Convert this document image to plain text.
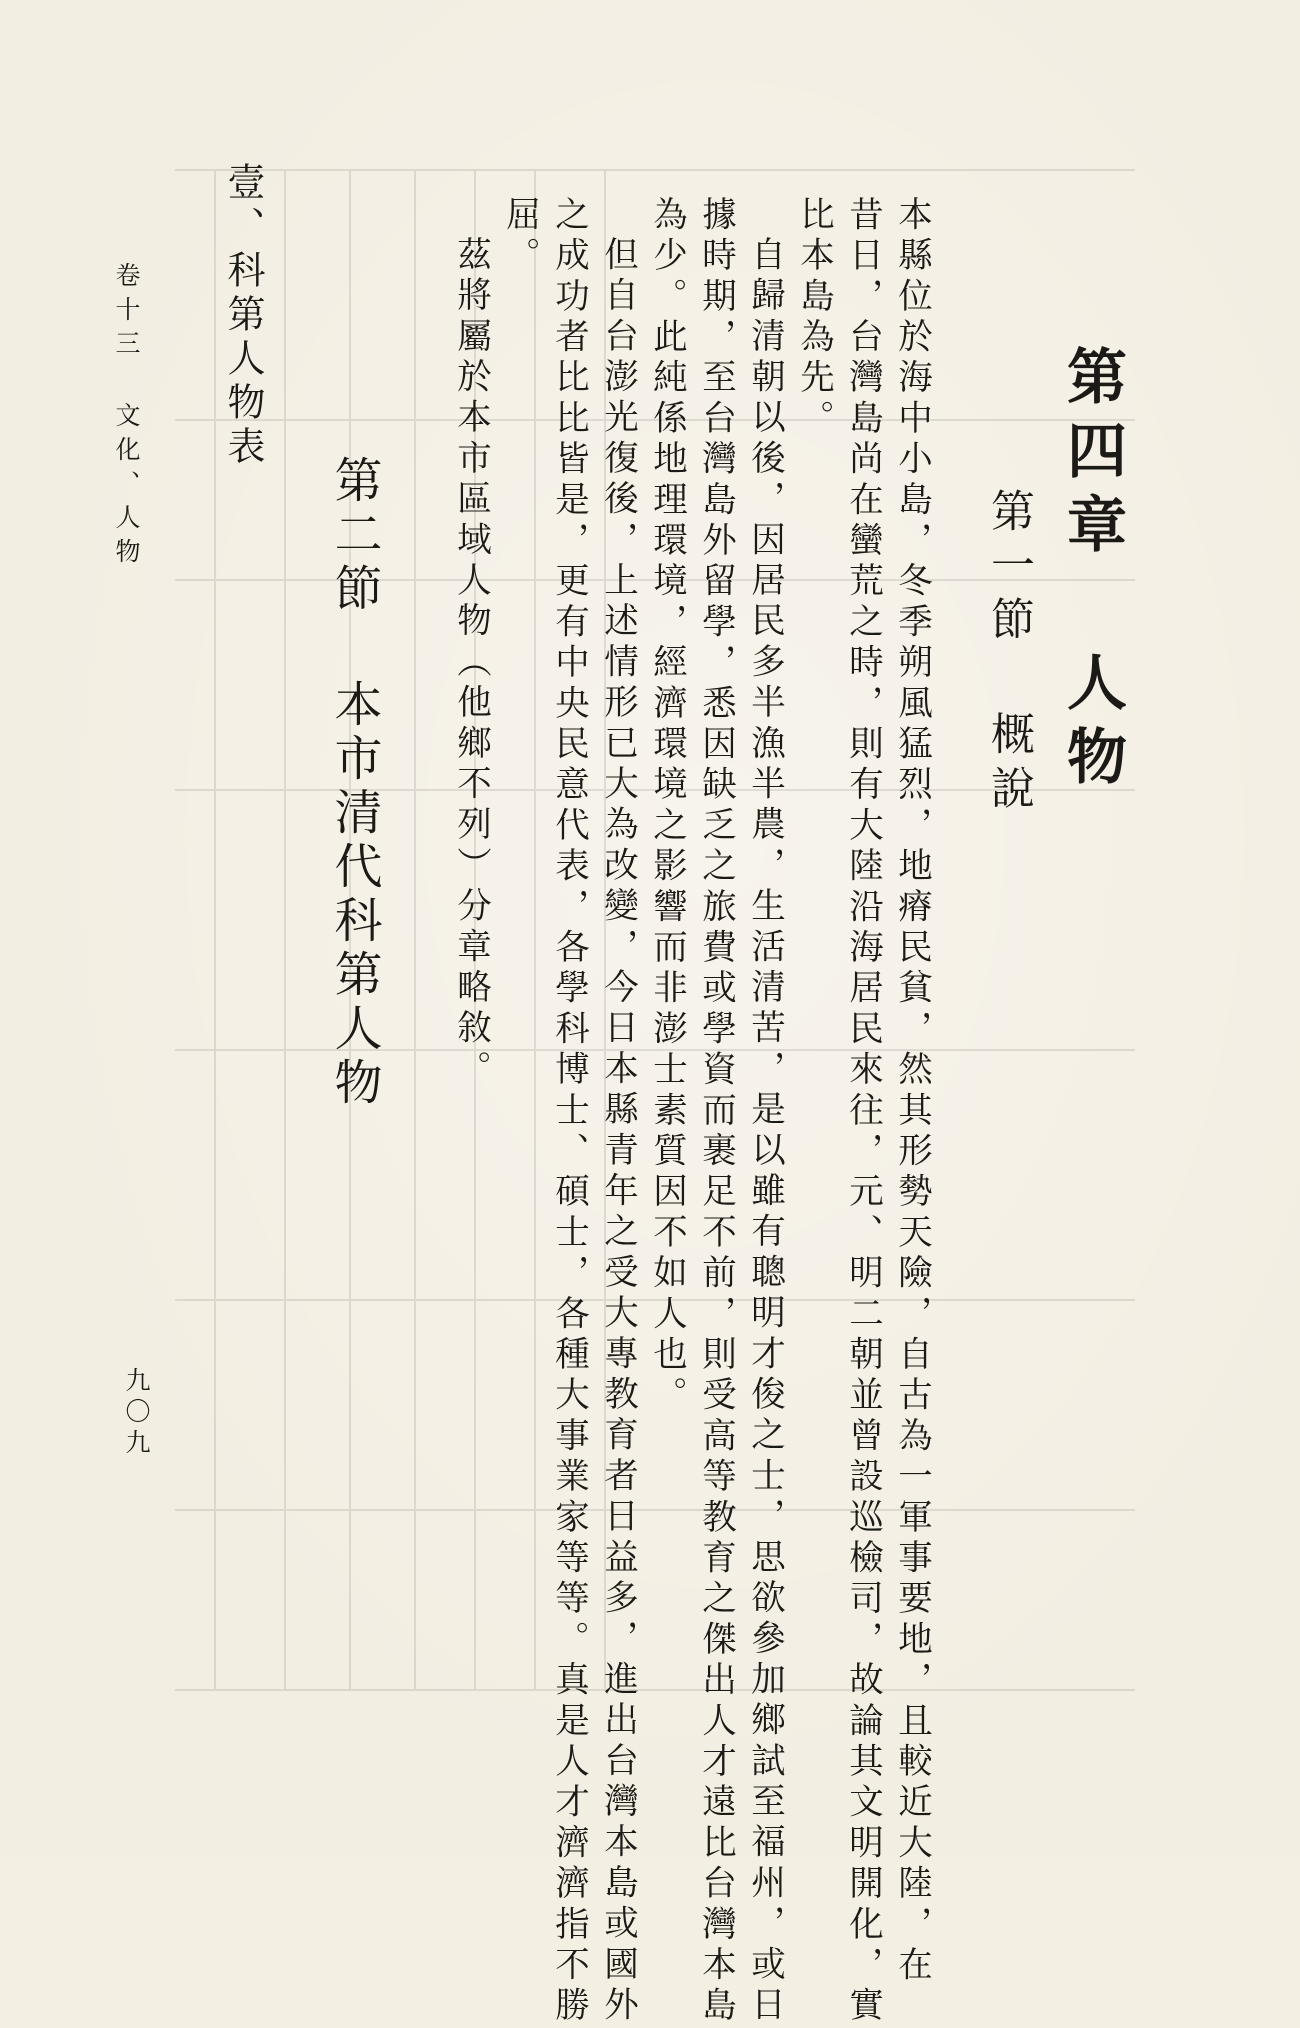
第四章 人物
第一節 概說
本縣位於海中小島，冬季朔風猛烈，地瘠民貧，然其形勢天險，自古為一軍事要地，且較近大陸，在
昔日，台灣島尚在蠻荒之時，則有大陸沿海居民來往，元、明二朝並曾設巡檢司，故論其文明開化，實
比本島為先。
自歸清朝以後，因居民多半漁半農，生活清苦，是以雖有聰明才俊之士，思欲參加鄉試至福州，或日
據時期，至台灣島外留學，悉因缺乏之旅費或學資而裹足不前，則受高等教育之傑出人才遠比台灣本島
為少。此純係地理環境，經濟環境之影響而非澎士素質因不如人也。
但自台澎光復後，上述情形已大為改變，今日本縣青年之受大專教育者日益多，進出台灣本島或國外
之成功者比比皆是，更有中央民意代表，各學科博士、碩士，各種大事業家等等。真是人才濟濟指不勝
屈。
茲將屬於本市區域人物（他鄉不列）分章略敘。
第二節 本市清代科第人物
壹、科第人物表
卷十三 文化、人物
九〇九
